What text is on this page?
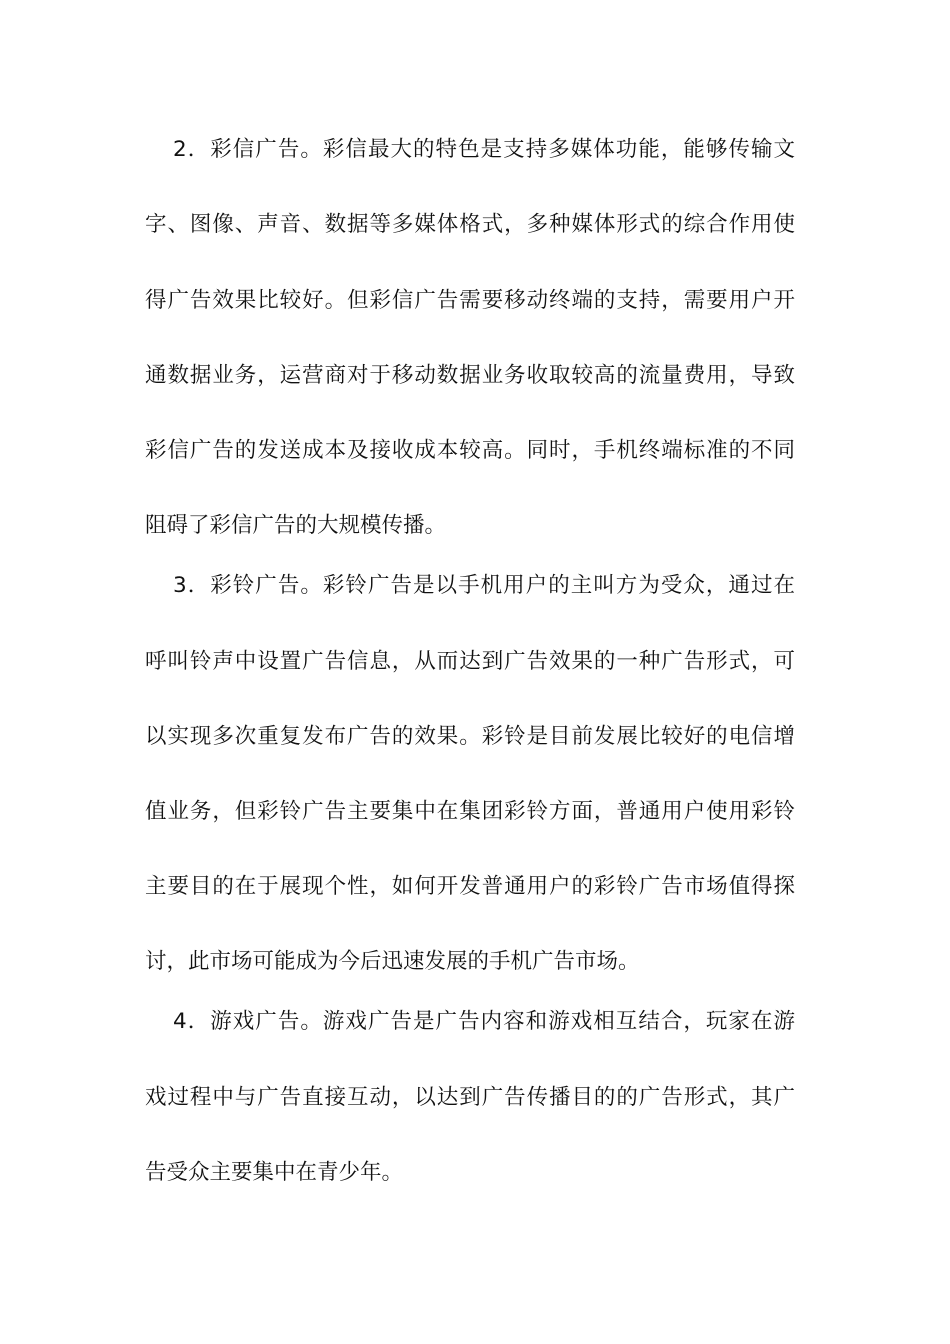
2．彩信广告。彩信最大的特色是支持多媒体功能，能够传输文
字、图像、声音、数据等多媒体格式，多种媒体形式的综合作用使
得广告效果比较好。但彩信广告需要移动终端的支持，需要用户开
通数据业务，运营商对于移动数据业务收取较高的流量费用，导致
彩信广告的发送成本及接收成本较高。同时，手机终端标准的不同
阻碍了彩信广告的大规模传播。
3．彩铃广告。彩铃广告是以手机用户的主叫方为受众，通过在
呼叫铃声中设置广告信息，从而达到广告效果的一种广告形式，可
以实现多次重复发布广告的效果。彩铃是目前发展比较好的电信增
值业务，但彩铃广告主要集中在集团彩铃方面，普通用户使用彩铃
主要目的在于展现个性，如何开发普通用户的彩铃广告市场值得探
讨，此市场可能成为今后迅速发展的手机广告市场。
4．游戏广告。游戏广告是广告内容和游戏相互结合，玩家在游
戏过程中与广告直接互动，以达到广告传播目的的广告形式，其广
告受众主要集中在青少年。
